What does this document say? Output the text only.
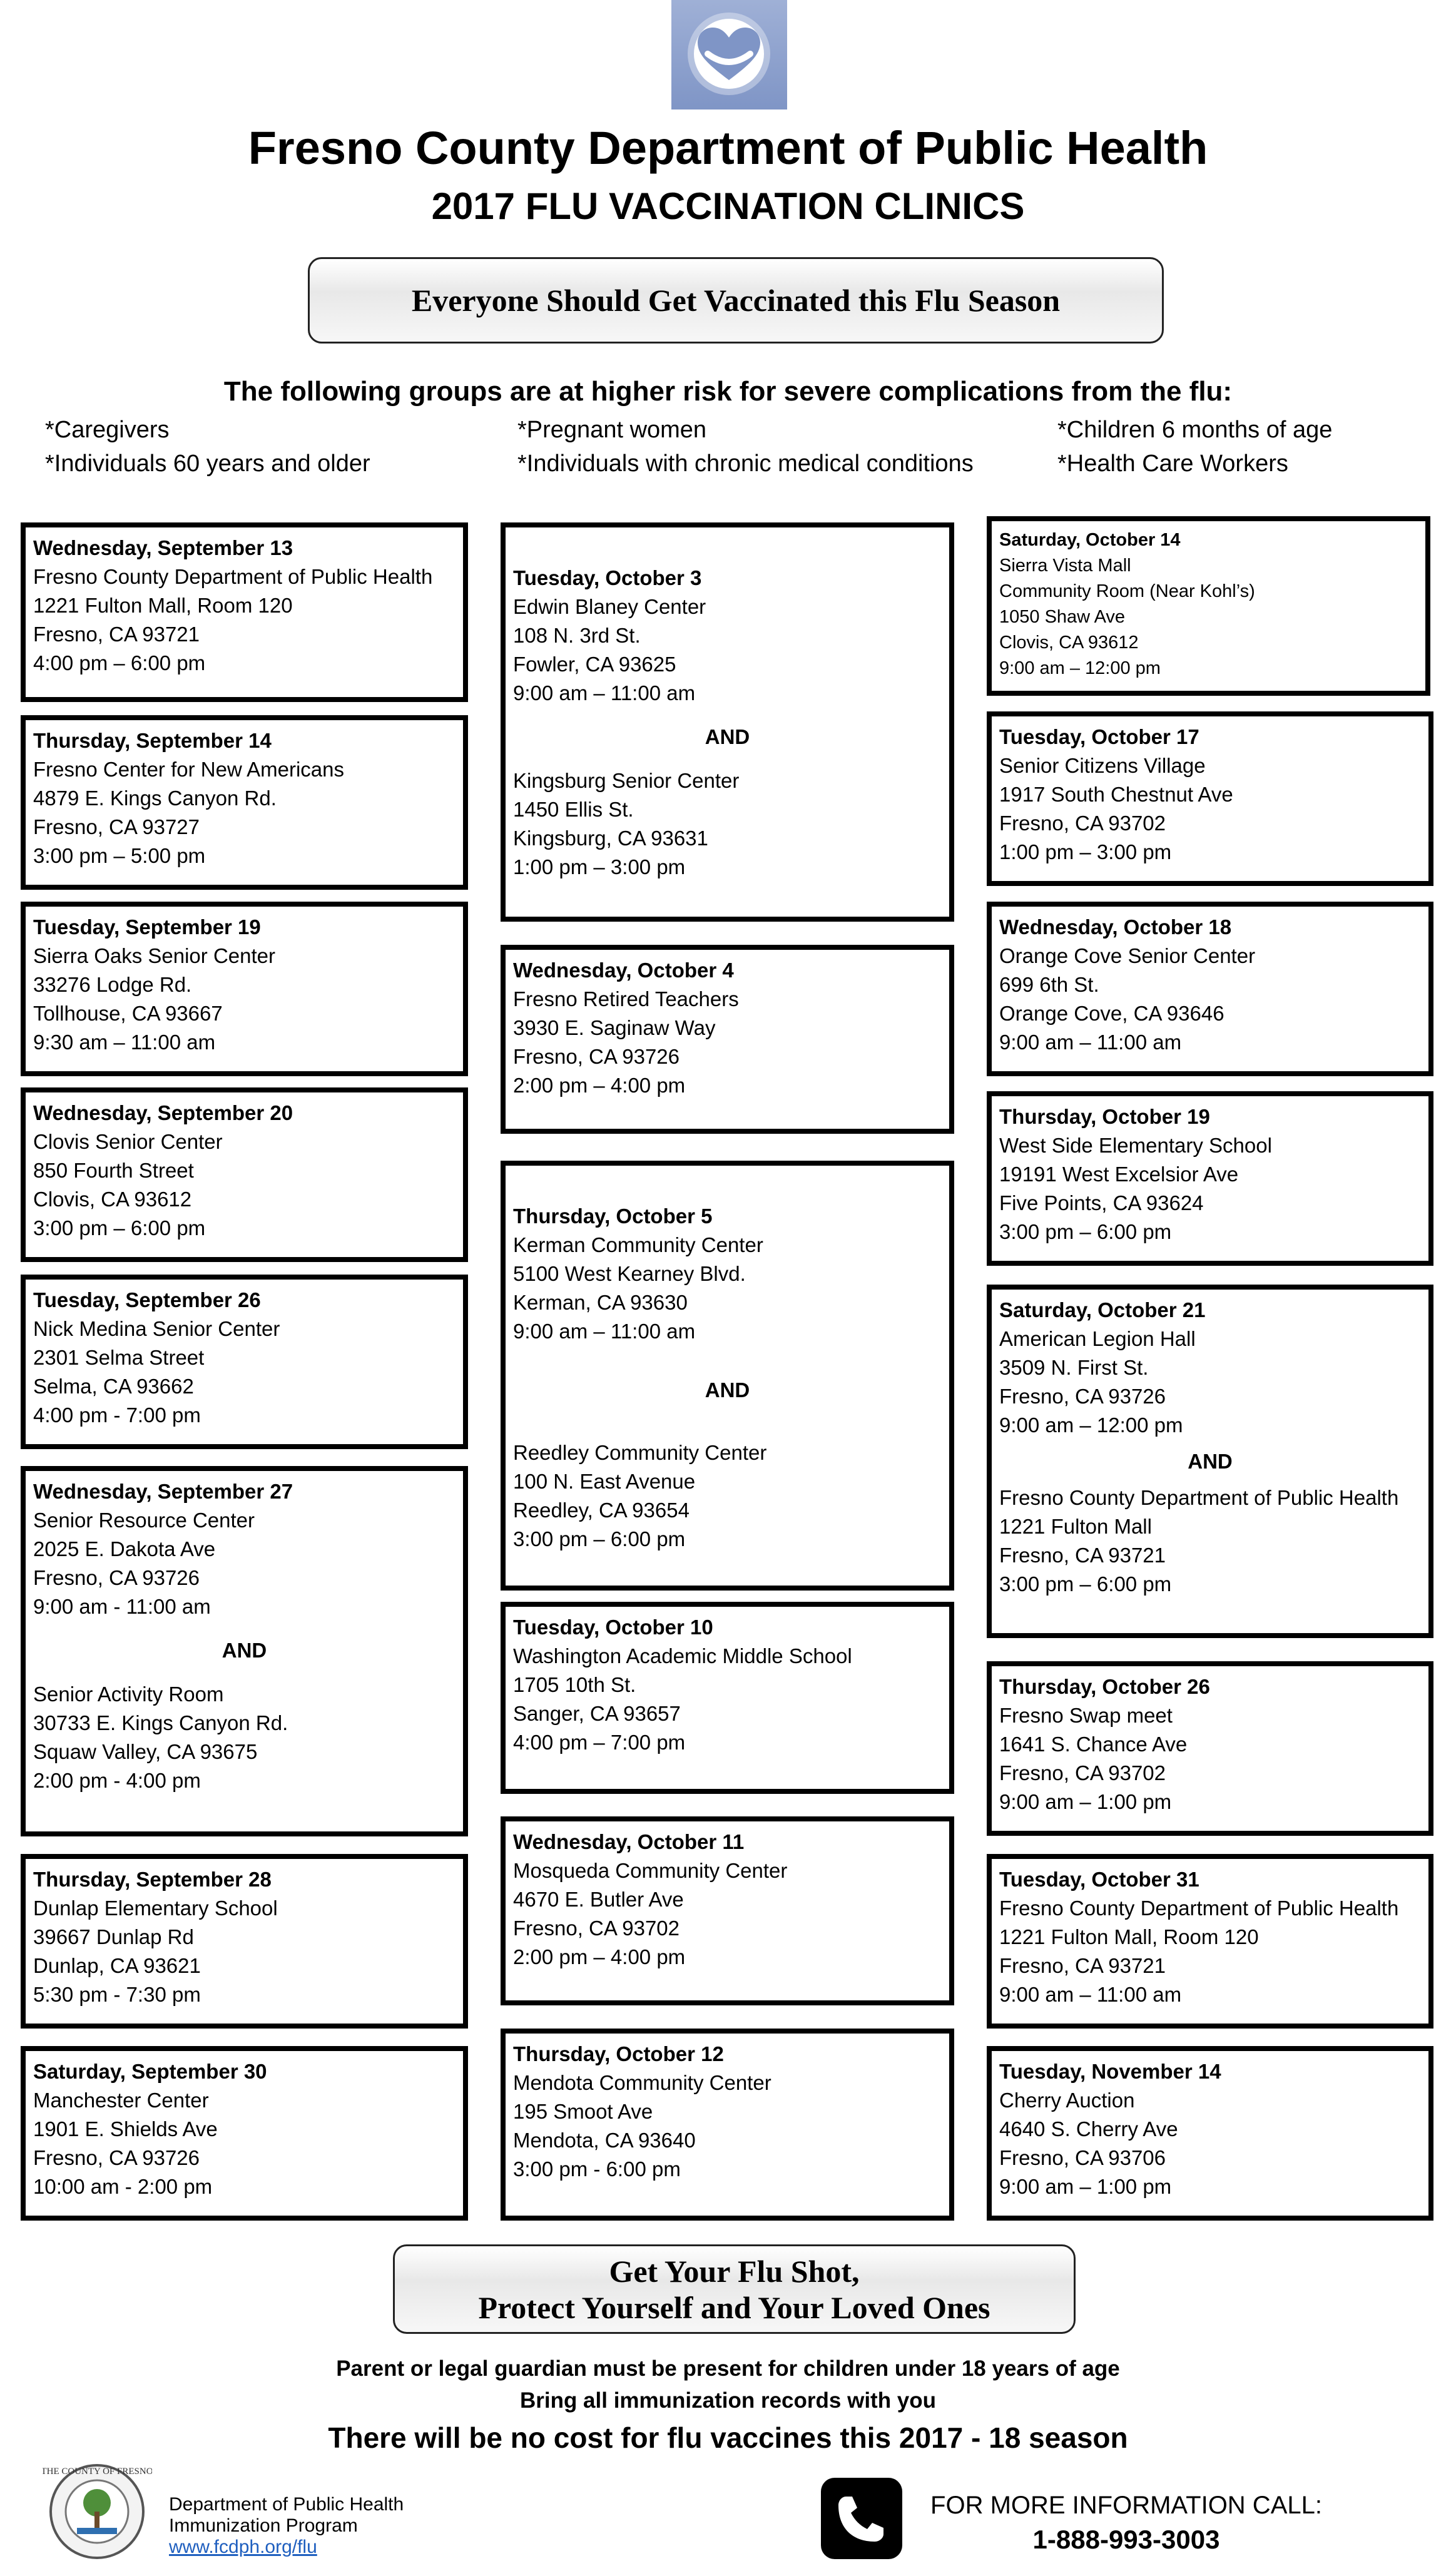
Fresno County Department of Public Health
2017 FLU VACCINATION CLINICS
Everyone Should Get Vaccinated this Flu Season
The following groups are at higher risk for severe complications from the flu:
*Caregivers
*Individuals 60 years and older
*Pregnant women
*Individuals with chronic medical conditions
*Children 6 months of age
*Health Care Workers
Wednesday, September 13
Fresno County Department of Public Health
1221 Fulton Mall, Room 120
Fresno, CA 93721
4:00 pm – 6:00 pm
Thursday, September 14
Fresno Center for New Americans
4879 E. Kings Canyon Rd.
Fresno, CA 93727
3:00 pm – 5:00 pm
Tuesday, September 19
Sierra Oaks Senior Center
33276 Lodge Rd.
Tollhouse, CA 93667
9:30 am – 11:00 am
Wednesday, September 20
Clovis Senior Center
850 Fourth Street
Clovis, CA 93612
3:00 pm – 6:00 pm
Tuesday, September 26
Nick Medina Senior Center
2301 Selma Street
Selma, CA 93662
4:00 pm - 7:00 pm
Wednesday, September 27
Senior Resource Center
2025 E. Dakota Ave
Fresno, CA 93726
9:00 am - 11:00 am
AND
Senior Activity Room
30733 E. Kings Canyon Rd.
Squaw Valley, CA 93675
2:00 pm - 4:00 pm
Thursday, September 28
Dunlap Elementary School
39667 Dunlap Rd
Dunlap, CA 93621
5:30 pm - 7:30 pm
Saturday, September 30
Manchester Center
1901 E. Shields Ave
Fresno, CA 93726
10:00 am - 2:00 pm
Tuesday, October 3
Edwin Blaney Center
108 N. 3rd St.
Fowler, CA 93625
9:00 am – 11:00 am
AND
Kingsburg Senior Center
1450 Ellis St.
Kingsburg, CA 93631
1:00 pm – 3:00 pm
Wednesday, October 4
Fresno Retired Teachers
3930 E. Saginaw Way
Fresno, CA 93726
2:00 pm – 4:00 pm
Thursday, October 5
Kerman Community Center
5100 West Kearney Blvd.
Kerman, CA 93630
9:00 am – 11:00 am
AND
Reedley Community Center
100 N. East Avenue
Reedley, CA 93654
3:00 pm – 6:00 pm
Tuesday, October 10
Washington Academic Middle School
1705 10th St.
Sanger, CA 93657
4:00 pm – 7:00 pm
Wednesday, October 11
Mosqueda Community Center
4670 E. Butler Ave
Fresno, CA 93702
2:00 pm – 4:00 pm
Thursday, October 12
Mendota Community Center
195 Smoot Ave
Mendota, CA 93640
3:00 pm - 6:00 pm
Saturday, October 14
Sierra Vista Mall
Community Room (Near Kohl’s)
1050 Shaw Ave
Clovis, CA 93612
9:00 am – 12:00 pm
Tuesday, October 17
Senior Citizens Village
1917 South Chestnut Ave
Fresno, CA 93702
1:00 pm – 3:00 pm
Wednesday, October 18
Orange Cove Senior Center
699 6th St.
Orange Cove, CA 93646
9:00 am – 11:00 am
Thursday, October 19
West Side Elementary School
19191 West Excelsior Ave
Five Points, CA 93624
3:00 pm – 6:00 pm
Saturday, October 21
American Legion Hall
3509 N. First St.
Fresno, CA 93726
9:00 am – 12:00 pm
AND
Fresno County Department of Public Health
1221 Fulton Mall
Fresno, CA 93721
3:00 pm – 6:00 pm
Thursday, October 26
Fresno Swap meet
1641 S. Chance Ave
Fresno, CA 93702
9:00 am – 1:00 pm
Tuesday, October 31
Fresno County Department of Public Health
1221 Fulton Mall, Room 120
Fresno, CA 93721
9:00 am – 11:00 am
Tuesday, November 14
Cherry Auction
4640 S. Cherry Ave
Fresno, CA 93706
9:00 am – 1:00 pm
Get Your Flu Shot,
Protect Yourself and Your Loved Ones
Parent or legal guardian must be present for children under 18 years of age
Bring all immunization records with you
There will be no cost for flu vaccines this 2017 - 18 season
THE COUNTY OF FRESNO
Department of Public Health
Immunization Program
www.fcdph.org/flu
FOR MORE INFORMATION CALL:
1-888-993-3003
